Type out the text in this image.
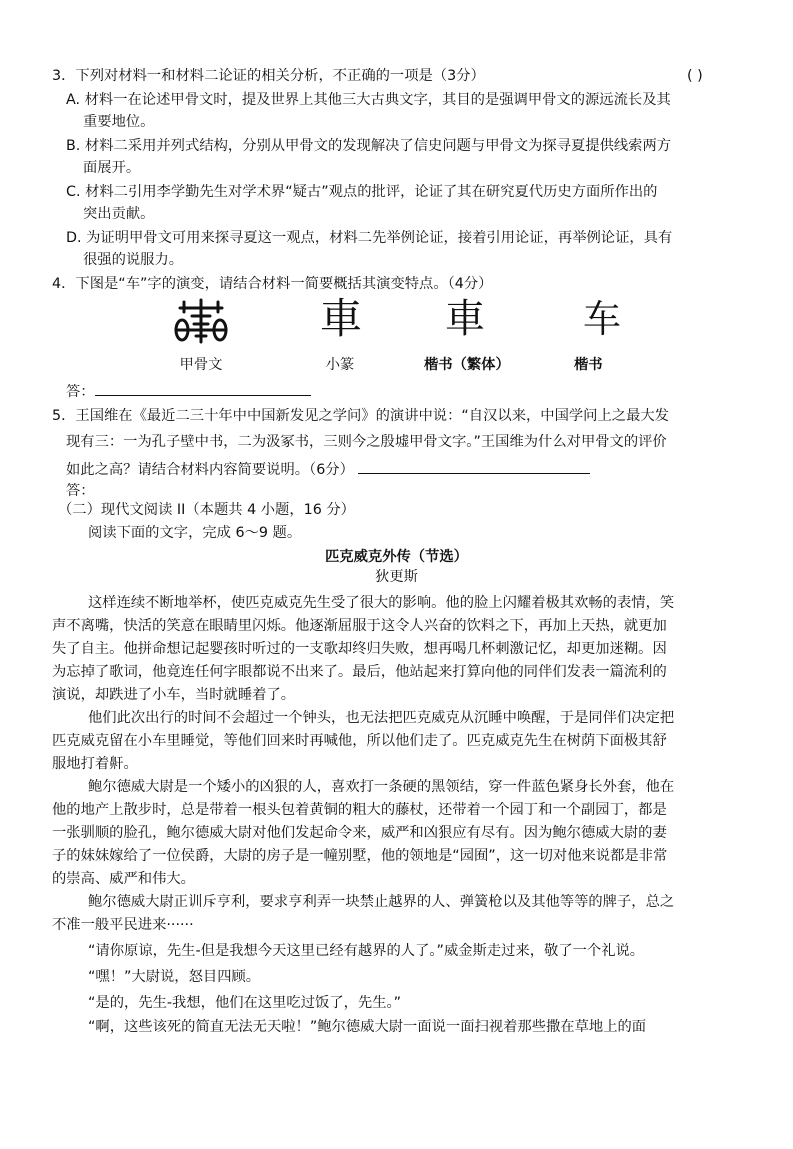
3．下列对材料一和材料二论证的相关分析，不正确的一项是（3分）	( )
A. 材料一在论述甲骨文时，提及世界上其他三大古典文字，其目的是强调甲骨文的源远流长及其
重要地位。
B. 材料二采用并列式结构，分别从甲骨文的发现解决了信史问题与甲骨文为探寻夏提供线索两方
面展开。
C. 材料二引用李学勤先生对学术界“疑古”观点的批评，论证了其在研究夏代历史方面所作出的
突出贡献。
D. 为证明甲骨文可用来探寻夏这一观点，材料二先举例论证，接着引用论证，再举例论证，具有
很强的说服力。
4．下图是“车”字的演变，请结合材料一简要概括其演变特点。（4分）
甲骨文
車
小篆
車
楷书（繁体）
车
楷书
答：
5．王国维在《最近二三十年中中国新发见之学问》的演讲中说：“自汉以来，中国学问上之最大发
现有三：一为孔子壁中书，二为汲冢书，三则今之殷墟甲骨文字。”王国维为什么对甲骨文的评价
如此之高？请结合材料内容简要说明。（6分）
答：
（二）现代文阅读 II（本题共 4 小题，16 分）
阅读下面的文字，完成 6～9 题。
匹克威克外传（节选）
狄更斯
这样连续不断地举杯，使匹克威克先生受了很大的影响。他的脸上闪耀着极其欢畅的表情，笑
声不离嘴，快活的笑意在眼睛里闪烁。他逐渐屈服于这令人兴奋的饮料之下，再加上天热，就更加
失了自主。他拼命想记起婴孩时听过的一支歌却终归失败，想再喝几杯刺激记忆，却更加迷糊。因
为忘掉了歌词，他竟连任何字眼都说不出来了。最后，他站起来打算向他的同伴们发表一篇流利的
演说，却跌进了小车，当时就睡着了。
他们此次出行的时间不会超过一个钟头，也无法把匹克威克从沉睡中唤醒，于是同伴们决定把
匹克威克留在小车里睡觉，等他们回来时再喊他，所以他们走了。匹克威克先生在树荫下面极其舒
服地打着鼾。
鲍尔德威大尉是一个矮小的凶狠的人，喜欢打一条硬的黑领结，穿一件蓝色紧身长外套，他在
他的地产上散步时，总是带着一根头包着黄铜的粗大的藤杖，还带着一个园丁和一个副园丁，都是
一张驯顺的脸孔，鲍尔德威大尉对他们发起命令来，威严和凶狠应有尽有。因为鲍尔德威大尉的妻
子的妹妹嫁给了一位侯爵，大尉的房子是一幢别墅，他的领地是“园囿”，这一切对他来说都是非常
的崇高、威严和伟大。
鲍尔德威大尉正训斥亨利，要求亨利弄一块禁止越界的人、弹簧枪以及其他等等的牌子，总之
不准一般平民进来······
“请你原谅，先生-但是我想今天这里已经有越界的人了。”威金斯走过来，敬了一个礼说。
“嘿！”大尉说，怒目四顾。
“是的，先生-我想，他们在这里吃过饭了，先生。”
“啊，这些该死的简直无法无天啦！”鲍尔德威大尉一面说一面扫视着那些撒在草地上的面
